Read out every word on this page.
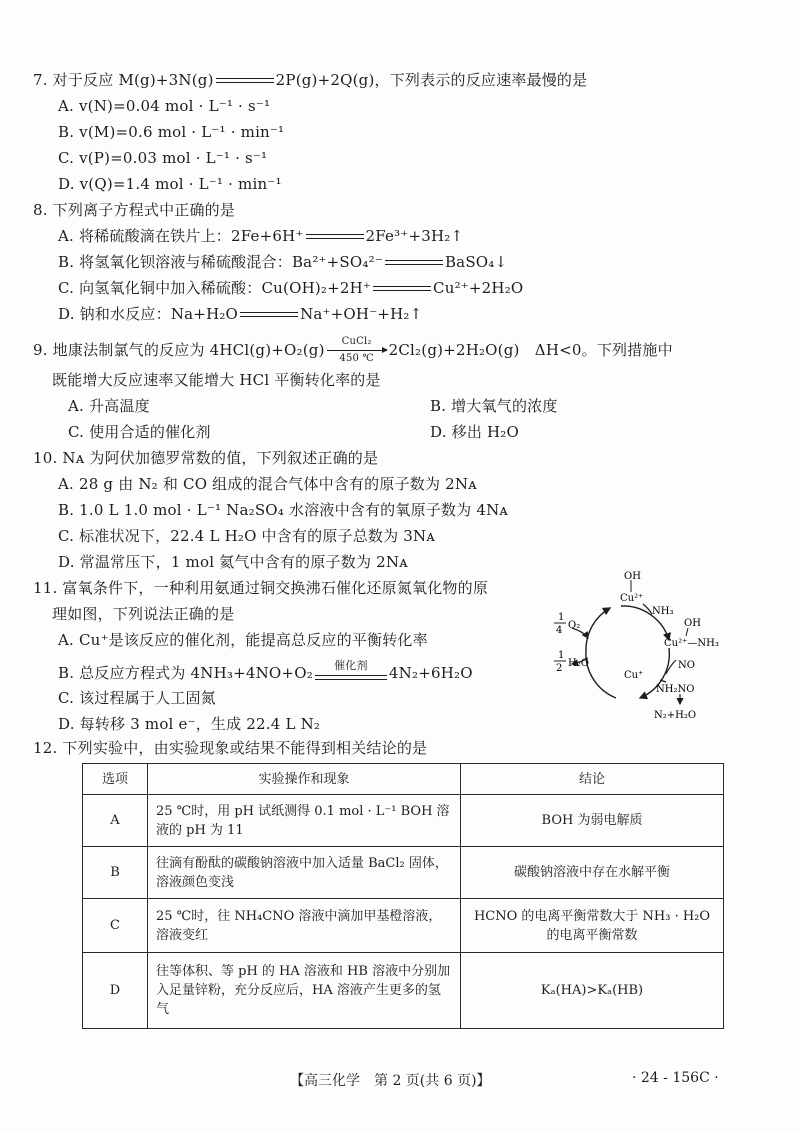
7. 对于反应 M(g)+3N(g)	2P(g)+2Q(g)，下列表示的反应速率最慢的是
A. v(N)=0.04 mol · L⁻¹ · s⁻¹
B. v(M)=0.6 mol · L⁻¹ · min⁻¹
C. v(P)=0.03 mol · L⁻¹ · s⁻¹
D. v(Q)=1.4 mol · L⁻¹ · min⁻¹
8. 下列离子方程式中正确的是
A. 将稀硫酸滴在铁片上：2Fe+6H⁺	2Fe³⁺+3H₂↑
B. 将氢氧化钡溶液与稀硫酸混合：Ba²⁺+SO₄²⁻	BaSO₄↓
C. 向氢氧化铜中加入稀硫酸：Cu(OH)₂+2H⁺	Cu²⁺+2H₂O
D. 钠和水反应：Na+H₂O	Na⁺+OH⁻+H₂↑
9. 地康法制氯气的反应为 4HCl(g)+O₂(g)	CuCl₂
450 ℃ 2Cl₂(g)+2H₂O(g)　ΔH<0。下列措施中
既能增大反应速率又能增大 HCl 平衡转化率的是
A. 升高温度	B. 增大氧气的浓度
C. 使用合适的催化剂	D. 移出 H₂O
10. Nᴀ 为阿伏加德罗常数的值，下列叙述正确的是
A. 28 g 由 N₂ 和 CO 组成的混合气体中含有的原子数为 2Nᴀ
B. 1.0 L 1.0 mol · L⁻¹ Na₂SO₄ 水溶液中含有的氧原子数为 4Nᴀ
C. 标准状况下，22.4 L H₂O 中含有的原子总数为 3Nᴀ
D. 常温常压下，1 mol 氦气中含有的原子数为 2Nᴀ
11. 富氧条件下，一种利用氨通过铜交换沸石催化还原氮氧化物的原
理如图，下列说法正确的是
A. Cu⁺是该反应的催化剂，能提高总反应的平衡转化率
B. 总反应方程式为 4NH₃+4NO+O₂	催化剂	4N₂+6H₂O
C. 该过程属于人工固氮
D. 每转移 3 mol e⁻，生成 22.4 L N₂
OH
Cu²⁺
NH₃
OH
Cu²⁺—NH₃
NO
Cu⁺
NH₂NO
N₂+H₂O
1
4 O₂
1
2 H₂O
12. 下列实验中，由实验现象或结果不能得到相关结论的是
选项	实验操作和现象	结论
A	25 ℃时，用 pH 试纸测得 0.1 mol · L⁻¹ BOH 溶液的 pH 为 11	BOH 为弱电解质
B	往滴有酚酞的碳酸钠溶液中加入适量 BaCl₂ 固体，溶液颜色变浅	碳酸钠溶液中存在水解平衡
C	25 ℃时，往 NH₄CNO 溶液中滴加甲基橙溶液，溶液变红	HCNO 的电离平衡常数大于 NH₃ · H₂O 的电离平衡常数
D	往等体积、等 pH 的 HA 溶液和 HB 溶液中分别加入足量锌粉，充分反应后，HA 溶液产生更多的氢气	Kₐ(HA)>Kₐ(HB)
【高三化学　第 2 页(共 6 页)】	· 24 - 156C ·
